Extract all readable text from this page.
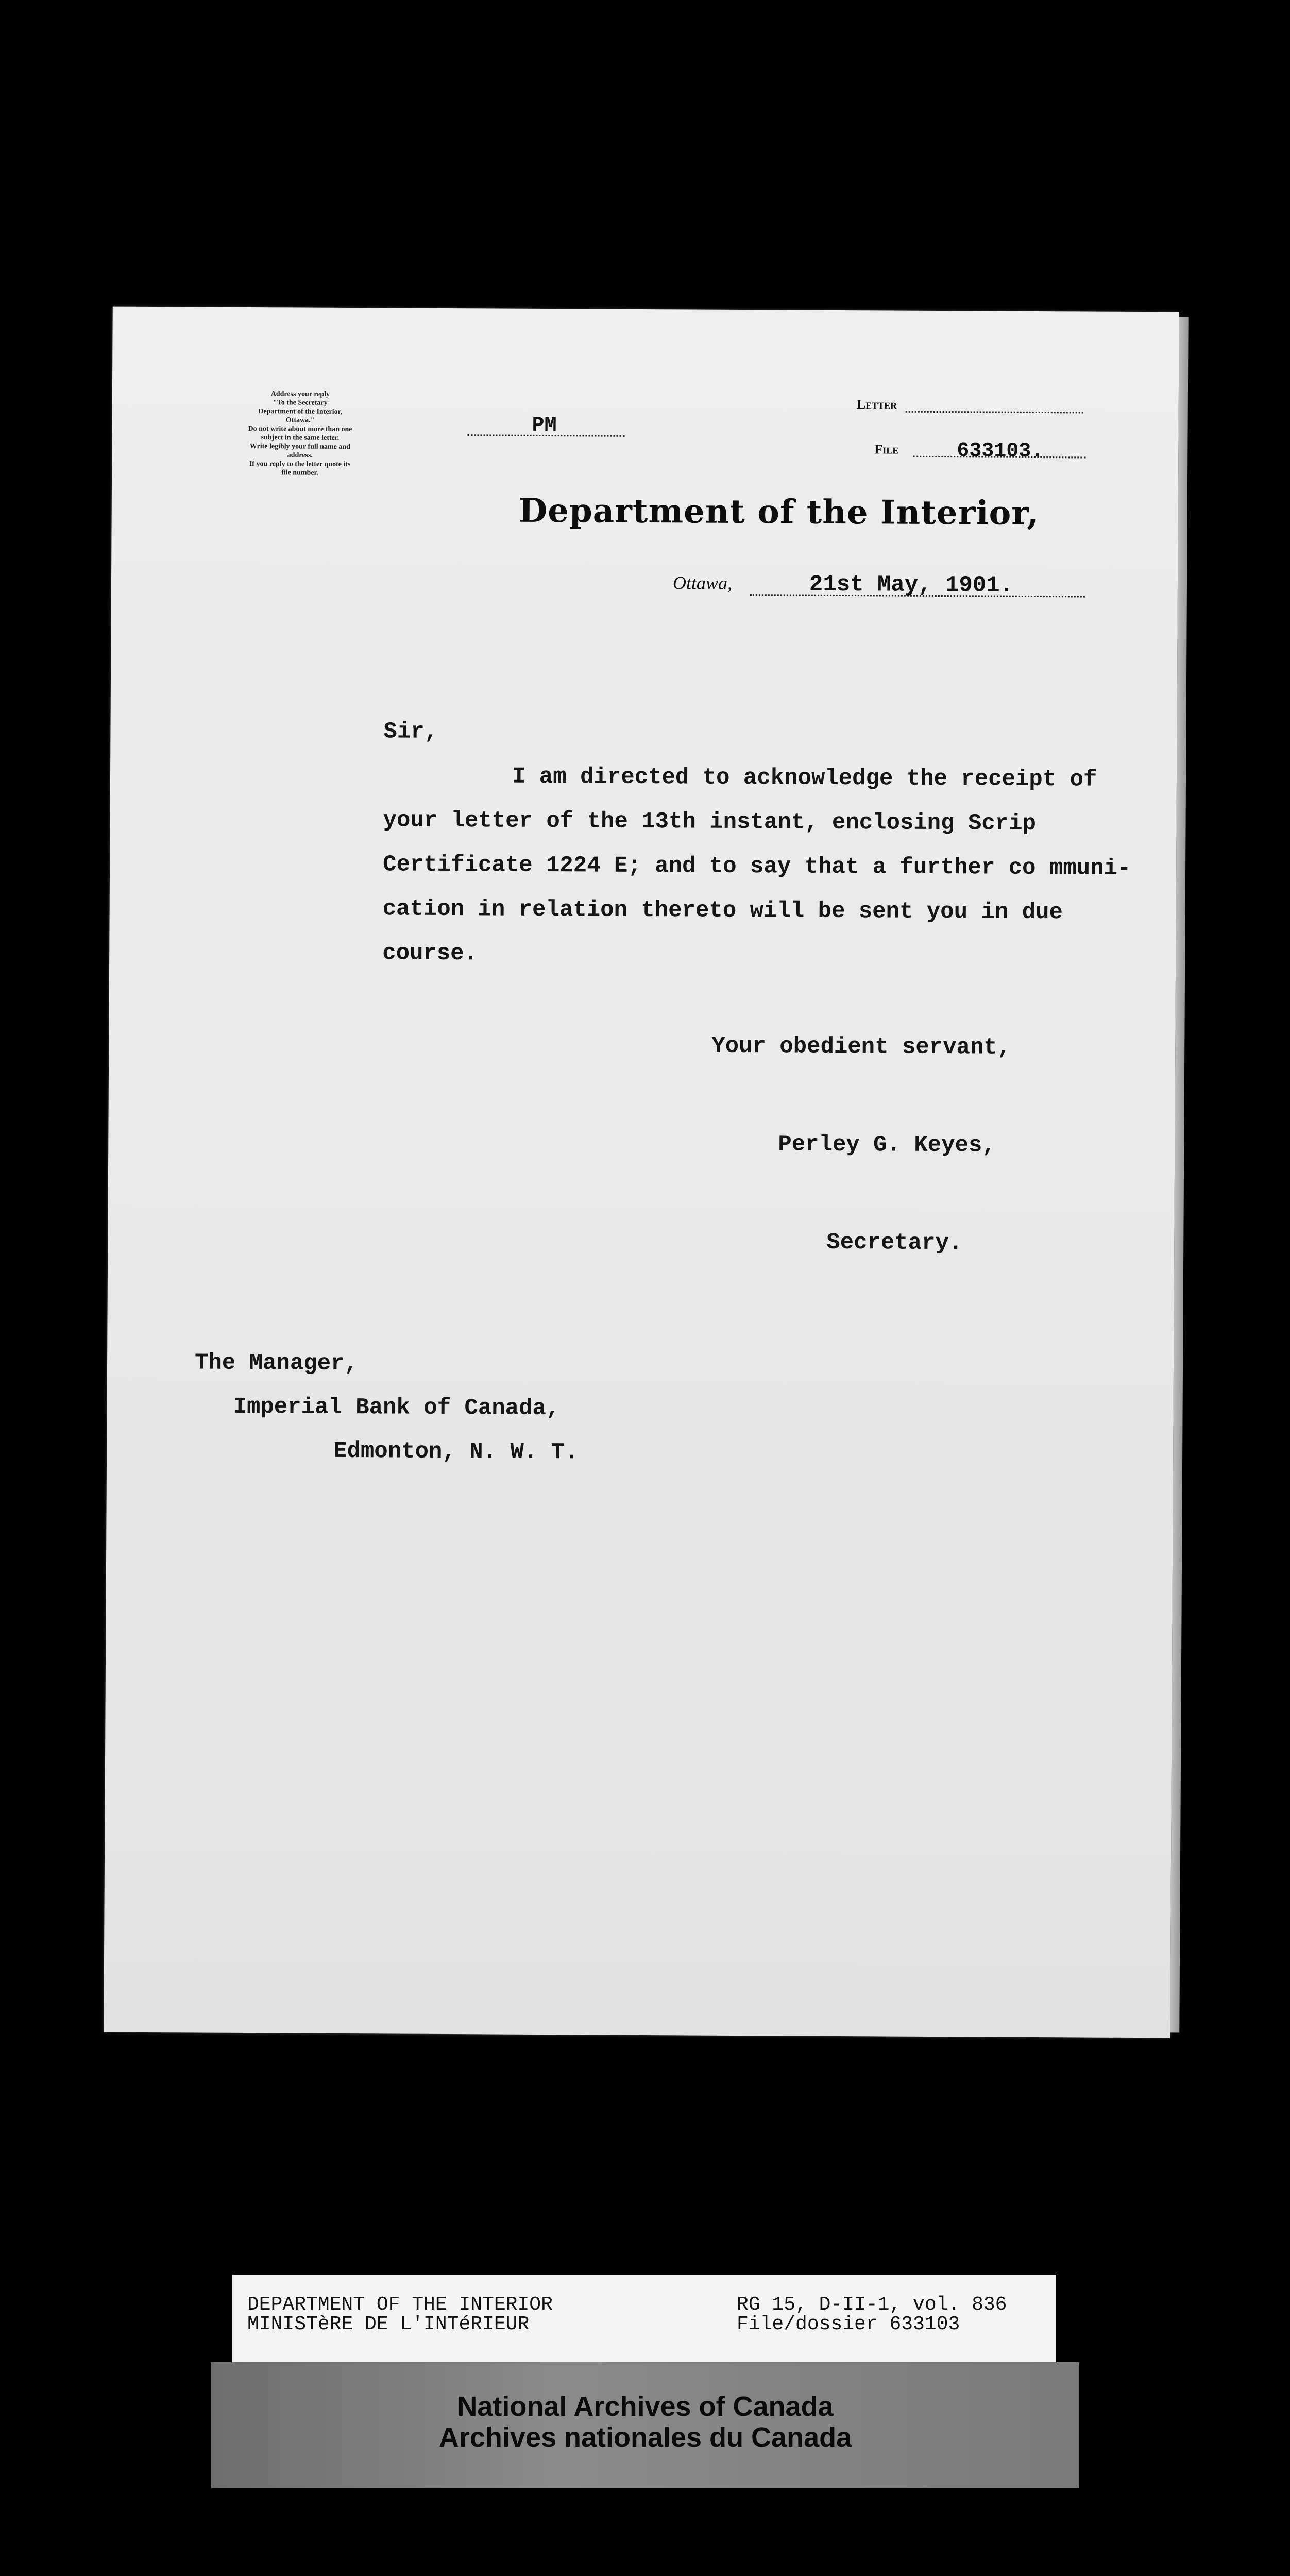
Address your reply
"To the Secretary
Department of the Interior,
Ottawa."
Do not write about more than one
subject in the same letter.
Write legibly your full name and
address.
If you reply to the letter quote its
file number.
PM
Letter
File	633103.
Department of the Interior,
Ottawa,	21st May, 1901.

Sir,

I am directed to acknowledge the receipt of

your letter of the 13th instant, enclosing Scrip

Certificate 1224 E; and to say that a further co mmuni-

cation in relation thereto will be sent you in due

course.

Your obedient servant,
Perley G. Keyes,
Secretary.
The Manager,
Imperial Bank of Canada,
Edmonton, N. W. T.
DEPARTMENT OF THE INTERIOR
MINISTèRE DE L'INTéRIEUR
RG 15, D-II-1, vol. 836
File/dossier 633103
National Archives of Canada
Archives nationales du Canada
